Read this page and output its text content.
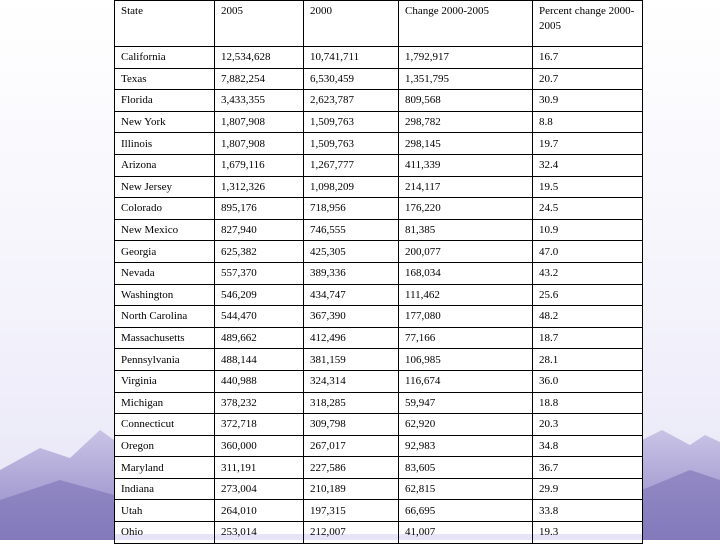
State	2005	2000	Change 2000-2005	Percent change 2000-2005
California	12,534,628	10,741,711	1,792,917	16.7
Texas	7,882,254	6,530,459	1,351,795	20.7
Florida	3,433,355	2,623,787	809,568	30.9
New York	1,807,908	1,509,763	298,782	8.8
Illinois	1,807,908	1,509,763	298,145	19.7
Arizona	1,679,116	1,267,777	411,339	32.4
New Jersey	1,312,326	1,098,209	214,117	19.5
Colorado	895,176	718,956	176,220	24.5
New Mexico	827,940	746,555	81,385	10.9
Georgia	625,382	425,305	200,077	47.0
Nevada	557,370	389,336	168,034	43.2
Washington	546,209	434,747	111,462	25.6
North Carolina	544,470	367,390	177,080	48.2
Massachusetts	489,662	412,496	77,166	18.7
Pennsylvania	488,144	381,159	106,985	28.1
Virginia	440,988	324,314	116,674	36.0
Michigan	378,232	318,285	59,947	18.8
Connecticut	372,718	309,798	62,920	20.3
Oregon	360,000	267,017	92,983	34.8
Maryland	311,191	227,586	83,605	36.7
Indiana	273,004	210,189	62,815	29.9
Utah	264,010	197,315	66,695	33.8
Ohio	253,014	212,007	41,007	19.3
